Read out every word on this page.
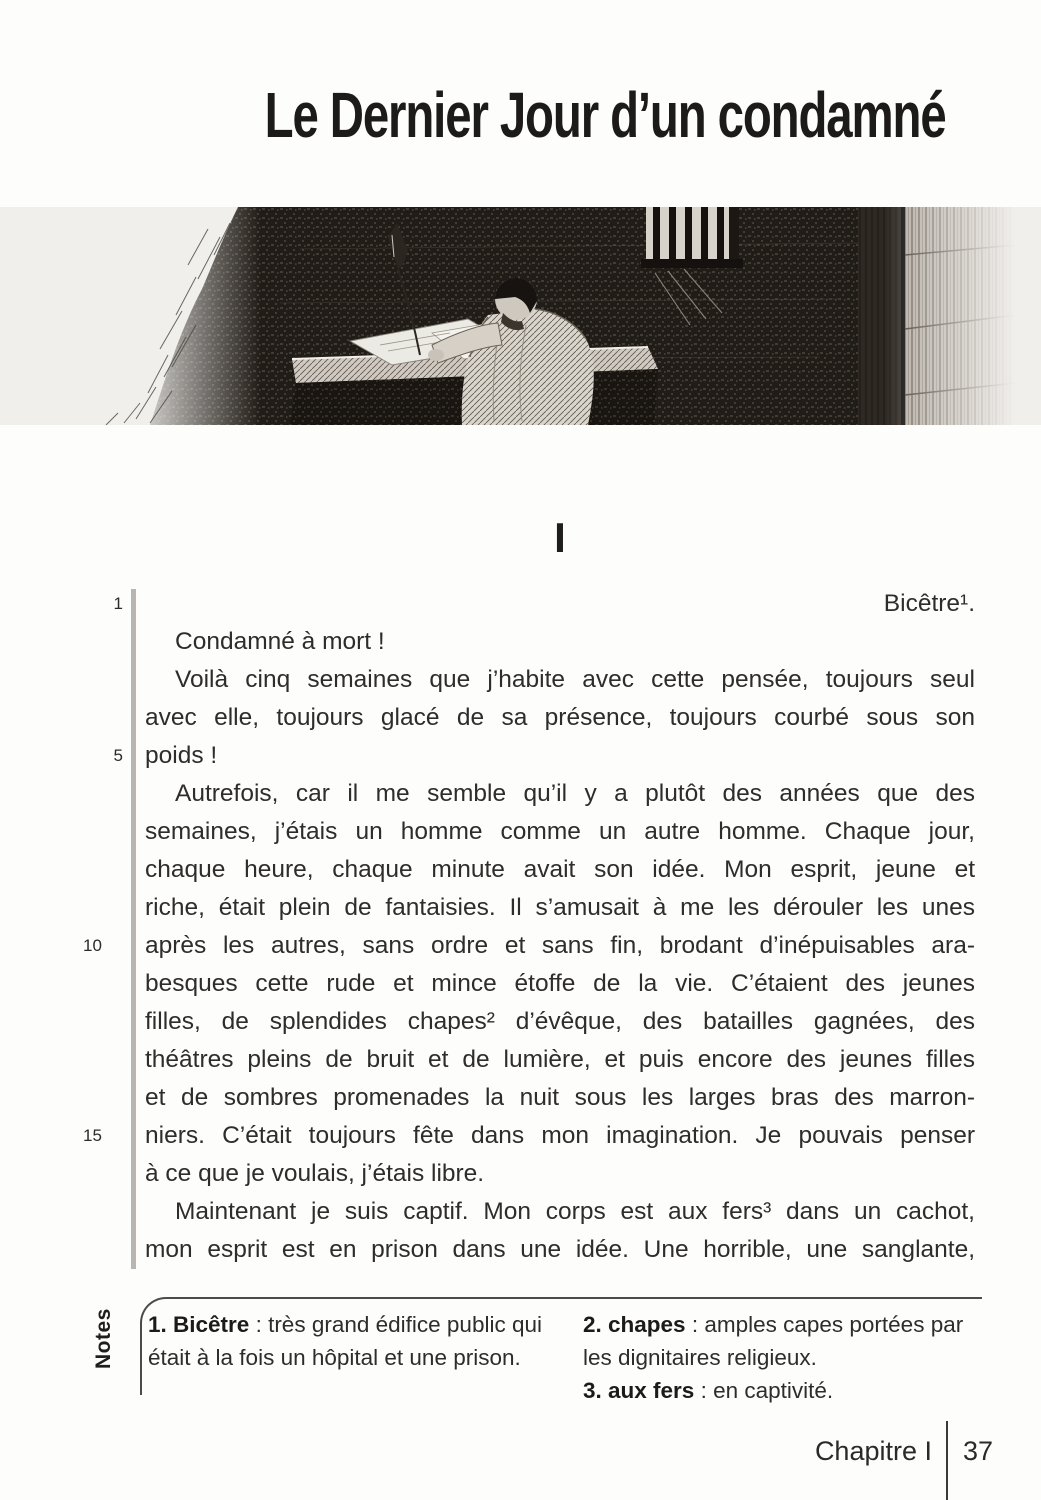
Le Dernier Jour d’un condamné
I
1	Bicêtre¹.
Condamné à mort !
Voilà cinq semaines que j’habite avec cette pensée, toujours seul
avec elle, toujours glacé de sa présence, toujours courbé sous son
5 poids !
Autrefois, car il me semble qu’il y a plutôt des années que des
semaines, j’étais un homme comme un autre homme. Chaque jour,
chaque heure, chaque minute avait son idée. Mon esprit, jeune et
riche, était plein de fantaisies. Il s’amusait à me les dérouler les unes
10	après les autres, sans ordre et sans fin, brodant d’inépuisables ara-
besques cette rude et mince étoffe de la vie. C’étaient des jeunes
filles, de splendides chapes² d’évêque, des batailles gagnées, des
théâtres pleins de bruit et de lumière, et puis encore des jeunes filles
et de sombres promenades la nuit sous les larges bras des marron-
15	niers. C’était toujours fête dans mon imagination. Je pouvais penser
à ce que je voulais, j’étais libre.
Maintenant je suis captif. Mon corps est aux fers³ dans un cachot,
mon esprit est en prison dans une idée. Une horrible, une sanglante,
Notes	1. Bicêtre : très grand édifice public qui était à la fois un hôpital et une prison.

2. chapes : amples capes portées par les dignitaires religieux.

3. aux fers : en captivité.

Chapitre I 37
